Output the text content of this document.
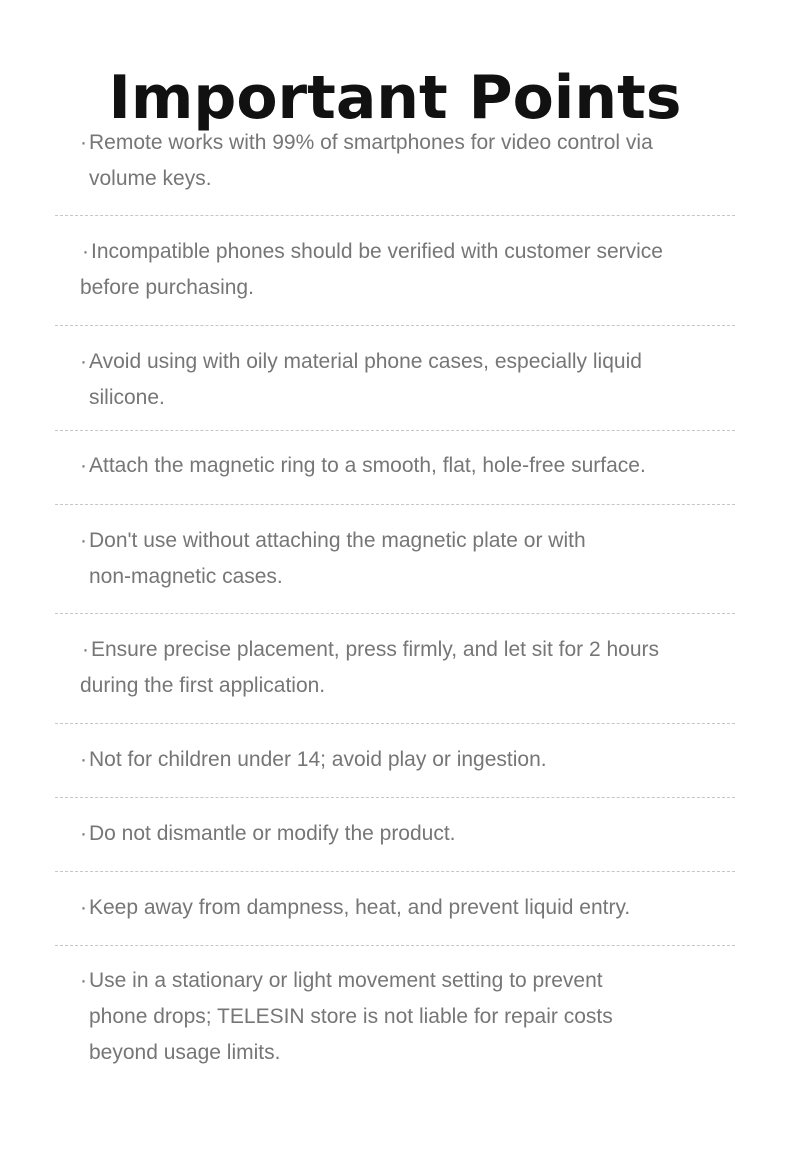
Important Points
·Remote works with 99% of smartphones for video control via
volume keys.
·Incompatible phones should be verified with customer service
before purchasing.
·Avoid using with oily material phone cases, especially liquid
silicone.
·Attach the magnetic ring to a smooth, flat, hole-free surface.
·Don't use without attaching the magnetic plate or with
non-magnetic cases.
·Ensure precise placement, press firmly, and let sit for 2 hours
during the first application.
·Not for children under 14; avoid play or ingestion.
·Do not dismantle or modify the product.
·Keep away from dampness, heat, and prevent liquid entry.
·Use in a stationary or light movement setting to prevent
phone drops; TELESIN store is not liable for repair costs
beyond usage limits.
